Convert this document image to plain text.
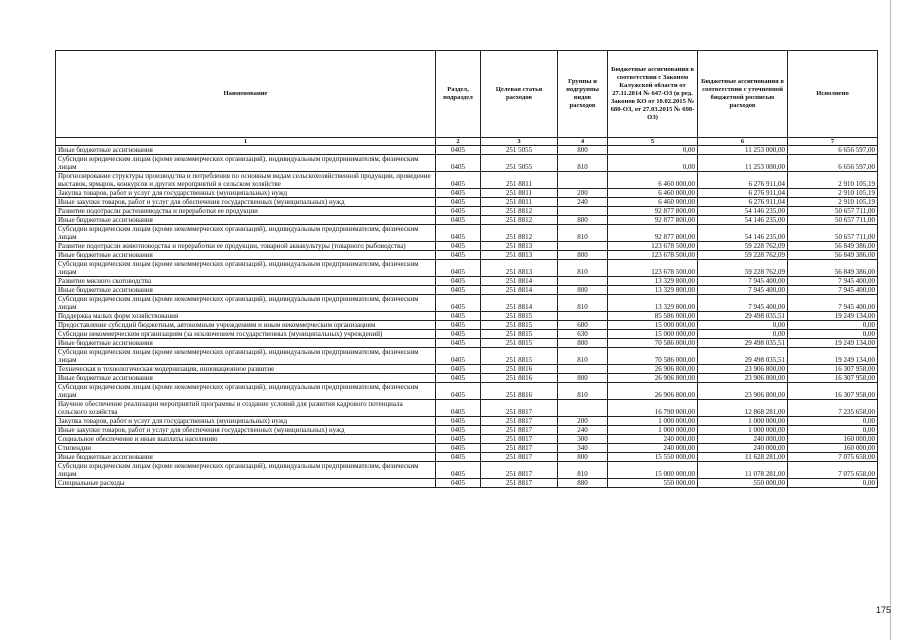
Наименование	Раздел, подраздел	Целевая статья расходов	Группы и подгруппы видов расходов	Бюджетные ассигнования в соответствии с Законом Калужской области от 27.11.2014 № 647-ОЗ (в ред. Законов КО от 10.02.2015 № 680-ОЗ, от 27.03.2015 № 698-ОЗ)	Бюджетные ассигнования в соответствии с уточненной бюджетной росписью расходов	Исполнено
1	2	3	4	5	6	7
Иные бюджетные ассигнования	0405	251 5055	800	0,00	11 253 000,00	6 656 597,00
Субсидии юридическим лицам (кроме некоммерческих организаций), индивидуальным предпринимателям, физическим лицам	0405	251 5055	810	0,00	11 253 000,00	6 656 597,00
Прогнозирование структуры производства и потребления по основным видам сельскохозяйственной продукции, проведение выставок, ярмарок, конкурсов и других мероприятий в сельском хозяйстве	0405	251 8811		6 460 000,00	6 276 911,04	2 910 105,19
Закупка товаров, работ и услуг для государственных (муниципальных) нужд	0405	251 8811	200	6 460 000,00	6 276 911,04	2 910 105,19
Иные закупки товаров, работ и услуг для обеспечения государственных (муниципальных) нужд	0405	251 8811	240	6 460 000,00	6 276 911,04	2 910 105,19
Развитие подотрасли растениеводства и переработки ее продукции	0405	251 8812		92 877 800,00	54 146 235,00	50 657 711,00
Иные бюджетные ассигнования	0405	251 8812	800	92 877 800,00	54 146 235,00	50 657 711,00
Субсидии юридическим лицам (кроме некоммерческих организаций), индивидуальным предпринимателям, физическим лицам	0405	251 8812	810	92 877 800,00	54 146 235,00	50 657 711,00
Развитие подотрасли животноводства и переработки ее продукции, товарной аквакультуры (товарного рыбоводства)	0405	251 8813		123 678 500,00	59 228 762,09	56 849 386,00
Иные бюджетные ассигнования	0405	251 8813	800	123 678 500,00	59 228 762,09	56 849 386,00
Субсидии юридическим лицам (кроме некоммерческих организаций), индивидуальным предпринимателям, физическим лицам	0405	251 8813	810	123 678 500,00	59 228 762,09	56 849 386,00
Развитие мясного скотоводства	0405	251 8814		13 329 800,00	7 945 400,00	7 945 400,00
Иные бюджетные ассигнования	0405	251 8814	800	13 329 800,00	7 945 400,00	7 945 400,00
Субсидии юридическим лицам (кроме некоммерческих организаций), индивидуальным предпринимателям, физическим лицам	0405	251 8814	810	13 329 800,00	7 945 400,00	7 945 400,00
Поддержка малых форм хозяйствования	0405	251 8815		85 586 000,00	29 498 035,51	19 249 134,00
Предоставление субсидий бюджетным, автономным учреждениям и иным некоммерческим организациям	0405	251 8815	600	15 000 000,00	0,00	0,00
Субсидии некоммерческим организациям (за исключением государственных (муниципальных) учреждений)	0405	251 8815	630	15 000 000,00	0,00	0,00
Иные бюджетные ассигнования	0405	251 8815	800	70 586 000,00	29 498 035,51	19 249 134,00
Субсидии юридическим лицам (кроме некоммерческих организаций), индивидуальным предпринимателям, физическим лицам	0405	251 8815	810	70 586 000,00	29 498 035,51	19 249 134,00
Техническая и технологическая модернизация, инновационное развитие	0405	251 8816		26 906 800,00	23 906 800,00	16 307 958,00
Иные бюджетные ассигнования	0405	251 8816	800	26 906 800,00	23 906 800,00	16 307 958,00
Субсидии юридическим лицам (кроме некоммерческих организаций), индивидуальным предпринимателям, физическим лицам	0405	251 8816	810	26 906 800,00	23 906 800,00	16 307 958,00
Научное обеспечение реализации мероприятий программы и создание условий для развития кадрового потенциала сельского хозяйства	0405	251 8817		16 790 000,00	12 868 281,00	7 235 658,00
Закупка товаров, работ и услуг для государственных (муниципальных) нужд	0405	251 8817	200	1 000 000,00	1 000 000,00	0,00
Иные закупки товаров, работ и услуг для обеспечения государственных (муниципальных) нужд	0405	251 8817	240	1 000 000,00	1 000 000,00	0,00
Социальное обеспечение и иные выплаты населению	0405	251 8817	300	240 000,00	240 000,00	160 000,00
Стипендии	0405	251 8817	340	240 000,00	240 000,00	160 000,00
Иные бюджетные ассигнования	0405	251 8817	800	15 550 000,00	11 628 281,00	7 075 658,00
Субсидии юридическим лицам (кроме некоммерческих организаций), индивидуальным предпринимателям, физическим лицам	0405	251 8817	810	15 000 000,00	11 078 281,00	7 075 658,00
Специальные расходы	0405	251 8817	880	550 000,00	550 000,00	0,00
175
